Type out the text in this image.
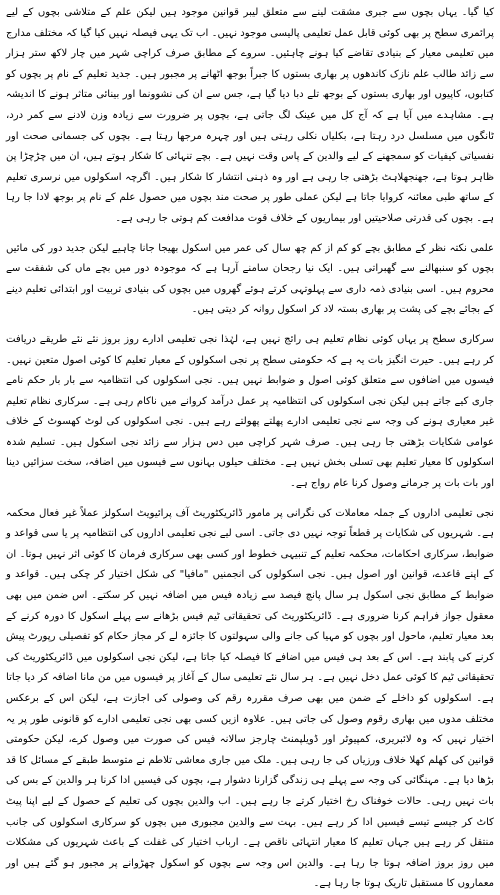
کیا گیا۔ یہاں بچوں سے جبری مشقت لینے سے متعلق لیبر قوانین موجود ہیں لیکن علم کے متلاشی بچوں کے لیے پرائمری سطح پر بھی کوئی قابل عمل تعلیمی پالیسی موجود نہیں۔ اب تک یہی فیصلہ نہیں کیا گیا کہ مختلف مدارج میں تعلیمی معیار کے بنیادی تقاضے کیا ہونے چاہئیں۔ سروے کے مطابق صرف کراچی شہر میں چار لاکھ ستر ہزار سے زائد طالب علم نازک کاندھوں پر بھاری بستوں کا جبراً بوجھ اٹھانے پر مجبور ہیں۔ جدید تعلیم کے نام پر بچوں کو کتابوں، کاپیوں اور بھاری بستوں کے بوجھ تلے دبا دیا گیا ہے، جس سے ان کی نشوونما اور بینائی متاثر ہونے کا اندیشہ ہے۔ مشاہدے میں آیا ہے کہ آج کل میں عینک لگ جاتی ہے، بچوں پر ضرورت سے زیادہ وزن لادنے سے کمر درد، ٹانگوں میں مسلسل درد رہتا ہے، بکلیاں نکلی رہتی ہیں اور چہرہ مرجھا رہتا ہے۔ بچوں کی جسمانی صحت اور نفسیاتی کیفیات کو سمجھنے کے لیے والدین کے پاس وقت نہیں ہے۔ بچے تنہائی کا شکار ہوتے ہیں، ان میں چڑچڑا پن ظاہر ہوتا ہے، جھنجھلاہٹ بڑھتی جا رہی ہے اور وہ ذہنی انتشار کا شکار ہیں۔ اگرچہ اسکولوں میں نرسری تعلیم کے ساتھ طبی معائنہ کروایا جاتا ہے لیکن عملی طور پر صحت مند بچوں میں حصول علم کے نام پر بوجھ لادا جا رہا ہے۔ بچوں کی قدرتی صلاحیتیں اور بیماریوں کے خلاف قوت مدافعت کم ہوتی جا رہی ہے۔

علمی نکتہ نظر کے مطابق بچے کو کم از کم چھ سال کی عمر میں اسکول بھیجا جانا چاہیے لیکن جدید دور کی مائیں بچوں کو سنبھالنے سے گھبراتی ہیں۔ ایک نیا رجحان سامنے آرہا ہے کہ موجودہ دور میں بچے ماں کی شفقت سے محروم ہیں۔ اسی بنیادی ذمہ داری سے پہلوتہی کرتے ہوئے گھروں میں بچوں کی بنیادی تربیت اور ابتدائی تعلیم دینے کے بجائے بچے کی پشت پر بھاری بستہ لاد کر اسکول روانہ کر دیتی ہیں۔

سرکاری سطح پر یہاں کوئی نظام تعلیم ہی رائج نہیں ہے، لہٰذا نجی تعلیمی ادارے روز بروز نئے نئے طریقے دریافت کر رہے ہیں۔ حیرت انگیز بات یہ ہے کہ حکومتی سطح پر نجی اسکولوں کے معیار تعلیم کا کوئی اصول متعین نہیں۔ فیسوں میں اضافوں سے متعلق کوئی اصول و ضوابط نہیں ہیں۔ نجی اسکولوں کی انتظامیہ سے بار بار حکم نامے جاری کیے جاتے ہیں لیکن نجی اسکولوں کی انتظامیہ پر عمل درآمد کروانے میں ناکام رہی ہے۔ سرکاری نظام تعلیم غیر معیاری ہونے کی وجہ سے نجی تعلیمی ادارے پھلتے پھولتے رہے ہیں۔ نجی اسکولوں کی لوٹ کھسوٹ کے خلاف عوامی شکایات بڑھتی جا رہی ہیں۔ صرف شہر کراچی میں دس ہزار سے زائد نجی اسکول ہیں۔ تسلیم شدہ اسکولوں کا معیار تعلیم بھی تسلی بخش نہیں ہے۔ مختلف حیلوں بہانوں سے فیسوں میں اضافہ، سخت سزائیں دینا اور بات بات پر جرمانے وصول کرنا عام رواج ہے۔

نجی تعلیمی اداروں کے جملہ معاملات کی نگرانی پر مامور ڈائریکٹوریٹ آف پرائیویٹ اسکولز عملاً غیر فعال محکمہ ہے۔ شہریوں کی شکایات پر قطعاً توجہ نہیں دی جاتی۔ اسی لیے نجی تعلیمی اداروں کی انتظامیہ پر یا سی قواعد و ضوابط، سرکاری احکامات، محکمہ تعلیم کے تنبیہی خطوط اور کسی بھی سرکاری فرمان کا کوئی اثر نہیں ہوتا۔ ان کے اپنے قاعدے، قوانین اور اصول ہیں۔ نجی اسکولوں کی انجمنیں "مافیا" کی شکل اختیار کر چکی ہیں۔ قواعد و ضوابط کے مطابق نجی اسکول ہر سال پانچ فیصد سے زیادہ فیس میں اضافہ نہیں کر سکتے۔ اس ضمن میں بھی معقول جواز فراہم کرنا ضروری ہے۔ ڈائریکٹوریٹ کی تحقیقاتی ٹیم فیس بڑھانے سے پہلے اسکول کا دورہ کرنے کے بعد معیار تعلیم، ماحول اور بچوں کو مہیا کی جانے والی سہولتوں کا جائزہ لے کر مجاز حکام کو تفصیلی رپورٹ پیش کرنے کی پابند ہے۔ اس کے بعد ہی فیس میں اضافے کا فیصلہ کیا جاتا ہے، لیکن نجی اسکولوں میں ڈائریکٹوریٹ کی تحقیقاتی ٹیم کا کوئی عمل دخل نہیں ہے۔ ہر سال نئے تعلیمی سال کے آغاز پر فیسوں میں من مانا اضافہ کر دیا جاتا ہے۔ اسکولوں کو داخلے کے ضمن میں بھی صرف مقررہ رقم کی وصولی کی اجازت ہے، لیکن اس کے برعکس مختلف مدوں میں بھاری رقوم وصول کی جاتی ہیں۔ علاوہ ازیں کسی بھی نجی تعلیمی ادارے کو قانونی طور پر یہ اختیار نہیں کہ وہ لائبریری، کمپیوٹر اور ڈویلپمنٹ چارجز سالانہ فیس کی صورت میں وصول کرے، لیکن حکومتی قوانین کی کھلم کھلا خلاف ورزیاں کی جا رہی ہیں۔ ملک میں جاری معاشی تلاطم نے متوسط طبقے کے مسائل کا قد بڑھا دیا ہے۔ مہنگائی کی وجہ سے پہلے ہی زندگی گزارنا دشوار ہے، بچوں کی فیسیں ادا کرنا ہر والدین کے بس کی بات نہیں رہی۔ حالات خوفناک رخ اختیار کرتے جا رہے ہیں۔ اب والدین بچوں کی تعلیم کے حصول کے لیے اپنا پیٹ کاٹ کر جیسے تیسے فیسیں ادا کر رہے ہیں۔ بہت سے والدین مجبوری میں بچوں کو سرکاری اسکولوں کی جانب منتقل کر رہے ہیں جہاں تعلیم کا معیار انتہائی ناقص ہے۔ ارباب اختیار کی غفلت کے باعث شہریوں کی مشکلات میں روز بروز اضافہ ہوتا جا رہا ہے۔ والدین اس وجہ سے بچوں کو اسکول چھڑوانے پر مجبور ہو گئے ہیں اور معماروں کا مستقبل تاریک ہوتا جا رہا ہے۔
